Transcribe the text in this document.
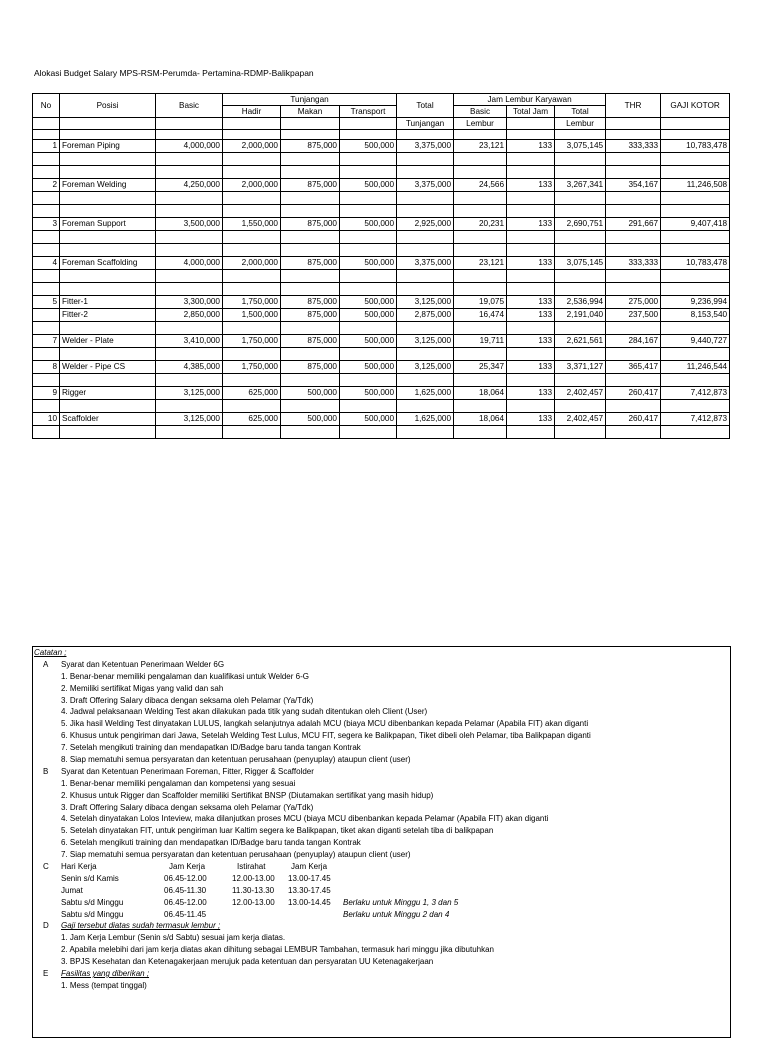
Alokasi Budget Salary MPS-RSM-Perumda- Pertamina-RDMP-Balikpapan
No	Posisi	Basic	Tunjangan			Total	Jam Lembur Karyawan			THR	GAJI KOTOR
			Hadir	Makan	Transport		Basic	Total Jam	Total		
						Tunjangan	Lembur		Lembur		

1	Foreman Piping	4,000,000	2,000,000	875,000	500,000	3,375,000	23,121	133	3,075,145	333,333	10,783,478

2	Foreman Welding	4,250,000	2,000,000	875,000	500,000	3,375,000	24,566	133	3,267,341	354,167	11,246,508

3	Foreman Support	3,500,000	1,550,000	875,000	500,000	2,925,000	20,231	133	2,690,751	291,667	9,407,418

4	Foreman Scaffolding	4,000,000	2,000,000	875,000	500,000	3,375,000	23,121	133	3,075,145	333,333	10,783,478

5	Fitter-1	3,300,000	1,750,000	875,000	500,000	3,125,000	19,075	133	2,536,994	275,000	9,236,994
	Fitter-2	2,850,000	1,500,000	875,000	500,000	2,875,000	16,474	133	2,191,040	237,500	8,153,540

7	Welder - Plate	3,410,000	1,750,000	875,000	500,000	3,125,000	19,711	133	2,621,561	284,167	9,440,727

8	Welder - Pipe CS	4,385,000	1,750,000	875,000	500,000	3,125,000	25,347	133	3,371,127	365,417	11,246,544

9	Rigger	3,125,000	625,000	500,000	500,000	1,625,000	18,064	133	2,402,457	260,417	7,412,873

10	Scaffolder	3,125,000	625,000	500,000	500,000	1,625,000	18,064	133	2,402,457	260,417	7,412,873

Catatan ;
A Syarat dan Ketentuan Penerimaan Welder 6G
1. Benar-benar memiliki pengalaman dan kualifikasi untuk Welder 6-G
2. Memiliki sertifikat Migas yang valid dan sah
3. Draft Offering Salary dibaca dengan seksama oleh Pelamar (Ya/Tdk)
4. Jadwal pelaksanaan Welding Test akan dilakukan pada titik yang sudah ditentukan oleh Client (User)
5. Jika hasil Welding Test dinyatakan LULUS, langkah selanjutnya adalah MCU (biaya MCU dibenbankan kepada Pelamar (Apabila FIT) akan diganti
6. Khusus untuk pengiriman dari Jawa, Setelah Welding Test Lulus, MCU FIT, segera ke Balikpapan, Tiket dibeli oleh Pelamar, tiba Balikpapan diganti
7. Setelah mengikuti training dan mendapatkan ID/Badge baru tanda tangan Kontrak
8. Siap mematuhi semua persyaratan dan ketentuan perusahaan (penyuplay) ataupun client (user)
B Syarat dan Ketentuan Penerimaan Foreman, Fitter, Rigger & Scaffolder
1. Benar-benar memiliki pengalaman dan kompetensi yang sesuai
2. Khusus untuk Rigger dan Scaffolder memiliki Sertifikat BNSP (Diutamakan sertifikat yang masih hidup)
3. Draft Offering Salary dibaca dengan seksama oleh Pelamar (Ya/Tdk)
4. Setelah dinyatakan Lolos Inteview, maka dilanjutkan proses MCU (biaya MCU dibenbankan kepada Pelamar (Apabila FIT) akan diganti
5. Setelah dinyatakan FIT, untuk pengiriman luar Kaltim segera ke Balikpapan, tiket akan diganti setelah tiba di balikpapan
6. Setelah mengikuti training dan mendapatkan ID/Badge baru tanda tangan Kontrak
7. Siap mematuhi semua persyaratan dan ketentuan perusahaan (penyuplay) ataupun client (user)
C Hari Kerja	Jam Kerja	Istirahat	Jam Kerja
Senin s/d Kamis	06.45-12.00	12.00-13.00 13.00-17.45
Jumat	06.45-11.30	11.30-13.30 13.30-17.45
Sabtu s/d Minggu	06.45-12.00	12.00-13.00 13.00-14.45 Berlaku untuk Minggu 1, 3 dan 5
Sabtu s/d Minggu	06.45-11.45	Berlaku untuk Minggu 2 dan 4
D Gaji tersebut diatas sudah termasuk lembur ;
1. Jam Kerja Lembur (Senin s/d Sabtu) sesuai jam kerja diatas.
2. Apabila melebihi dari jam kerja diatas akan dihitung sebagai LEMBUR Tambahan, termasuk hari minggu jika dibutuhkan
3. BPJS Kesehatan dan Ketenagakerjaan merujuk pada ketentuan dan persyaratan UU Ketenagakerjaan
E Fasilitas yang diberikan ;
1. Mess (tempat tinggal)
